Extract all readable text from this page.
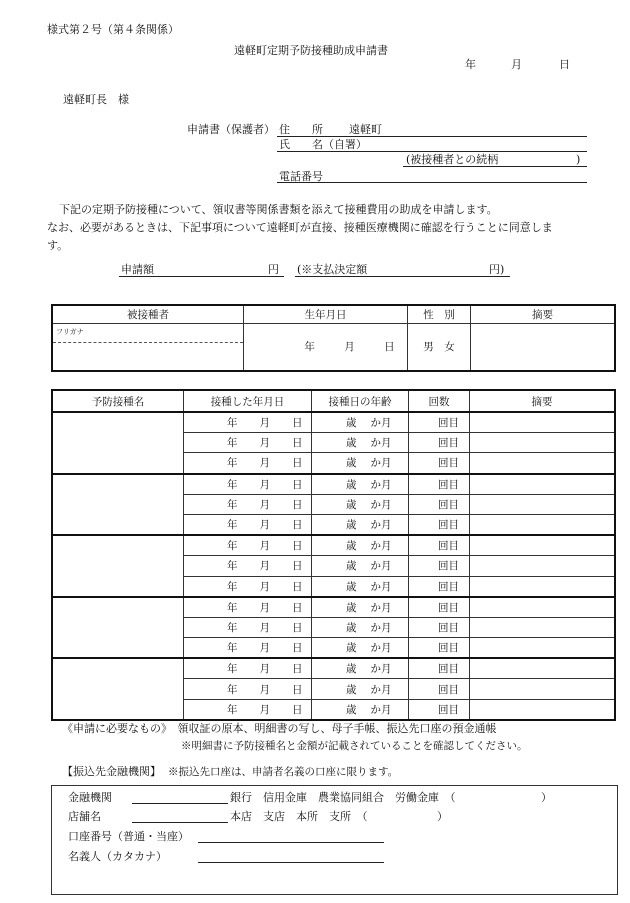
様式第２号（第４条関係）
遠軽町定期予防接種助成申請書
年	月	日
遠軽町長　様
申請書（保護者） 住　　所 遠軽町
氏　　名（自署）
(被接種者との続柄	)
電話番号
下記の定期予防接種について、領収書等関係書類を添えて接種費用の助成を申請します。
なお、必要があるときは、下記事項について遠軽町が直接、接種医療機関に確認を行うことに同意しま
す。
申請額	円 (※支払決定額	円)
被接種者	生年月日	性　別	摘要

フリガナ	年 月 日	男　女	
予防接種名	接種した年月日	接種日の年齢	回数	摘要
	年 月 日	歳 か月	回目	
	年 月 日	歳 か月	回目	
	年 月 日	歳 か月	回目	
	年 月 日	歳 か月	回目	
	年 月 日	歳 か月	回目	
	年 月 日	歳 か月	回目	
	年 月 日	歳 か月	回目	
	年 月 日	歳 か月	回目	
	年 月 日	歳 か月	回目	
	年 月 日	歳 か月	回目	
	年 月 日	歳 か月	回目	
	年 月 日	歳 か月	回目	
	年 月 日	歳 か月	回目	
	年 月 日	歳 か月	回目	
	年 月 日	歳 か月	回目	
《申請に必要なもの》　領収証の原本、明細書の写し、母子手帳、振込先口座の預金通帳
※明細書に予防接種名と金額が記載されていることを確認してください。
【振込先金融機関】 ※振込先口座は、申請者名義の口座に限ります。
金融機関	銀行　信用金庫　農業協同組合　労働金庫　（	）
店舗名	本店　支店　本所　支所　（	）
口座番号（普通・当座）
名義人（カタカナ）
